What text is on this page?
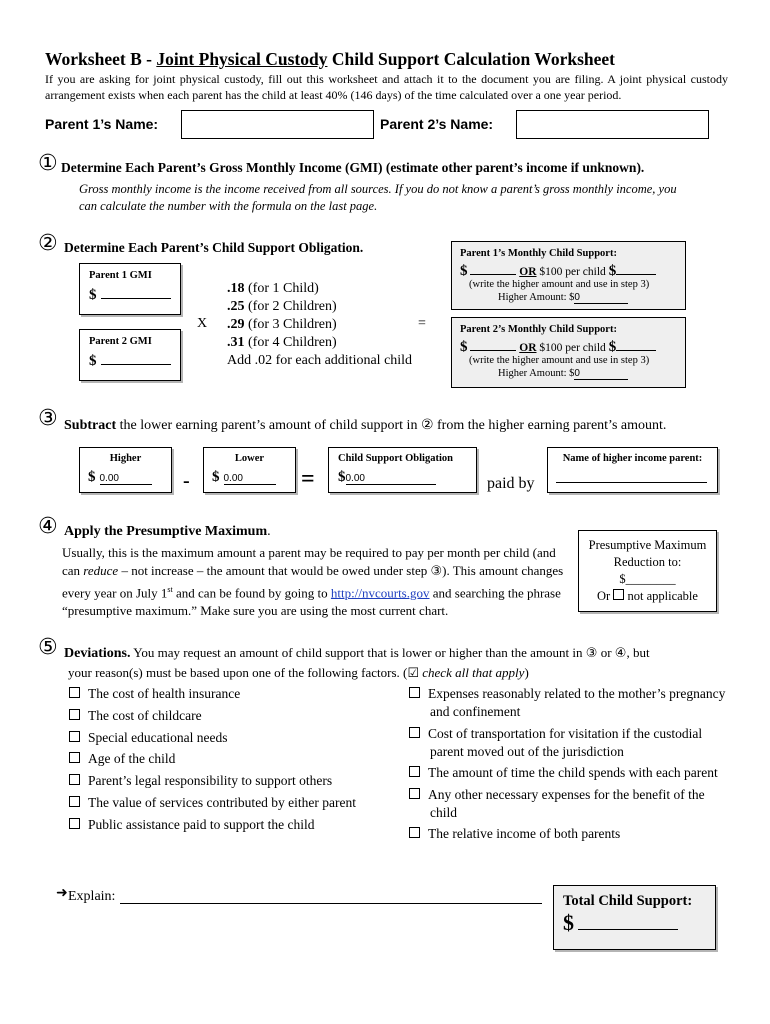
Worksheet B - Joint Physical Custody Child Support Calculation Worksheet
If you are asking for joint physical custody, fill out this worksheet and attach it to the document you are filing. A joint physical custody arrangement exists when each parent has the child at least 40% (146 days) of the time calculated over a one year period.
Parent 1’s Name:	Parent 2’s Name:
① Determine Each Parent’s Gross Monthly Income (GMI) (estimate other parent’s income if unknown).
Gross monthly income is the income received from all sources. If you do not know a parent’s gross monthly income, you can calculate the number with the formula on the last page.
② Determine Each Parent’s Child Support Obligation.
Parent 1 GMI
$
Parent 2 GMI
$
.18 (for 1 Child)
.25 (for 2 Children)
.29 (for 3 Children)
.31 (for 4 Children)
Add .02 for each additional child
X	=
Parent 1’s Monthly Child Support:
$	OR $100 per child $
(write the higher amount and use in step 3)
Higher Amount: $0
Parent 2’s Monthly Child Support:
$	OR $100 per child $
(write the higher amount and use in step 3)
Higher Amount: $0
③ Subtract the lower earning parent’s amount of child support in ② from the higher earning parent’s amount.
Higher
$ 0.00	-
Lower
$ 0.00	=
Child Support Obligation
$0.00	paid by
Name of higher income parent:
④ Apply the Presumptive Maximum.
Usually, this is the maximum amount a parent may be required to pay per month per child (and can reduce – not increase – the amount that would be owed under step ③). This amount changes every year on July 1st and can be found by going to http://nvcourts.gov and searching the phrase “presumptive maximum.” Make sure you are using the most current chart.
Presumptive Maximum
Reduction to:
$________
Or  not applicable
⑤ Deviations. You may request an amount of child support that is lower or higher than the amount in ③ or ④, but
your reason(s) must be based upon one of the following factors. (☑ check all that apply)
The cost of health insurance
The cost of childcare
Special educational needs
Age of the child
Parent’s legal responsibility to support others
The value of services contributed by either parent
Public assistance paid to support the child
Expenses reasonably related to the mother’s pregnancy and confinement
Cost of transportation for visitation if the custodial parent moved out of the jurisdiction
The amount of time the child spends with each parent
Any other necessary expenses for the benefit of the child
The relative income of both parents
➜ Explain:	Total Child Support:
$
